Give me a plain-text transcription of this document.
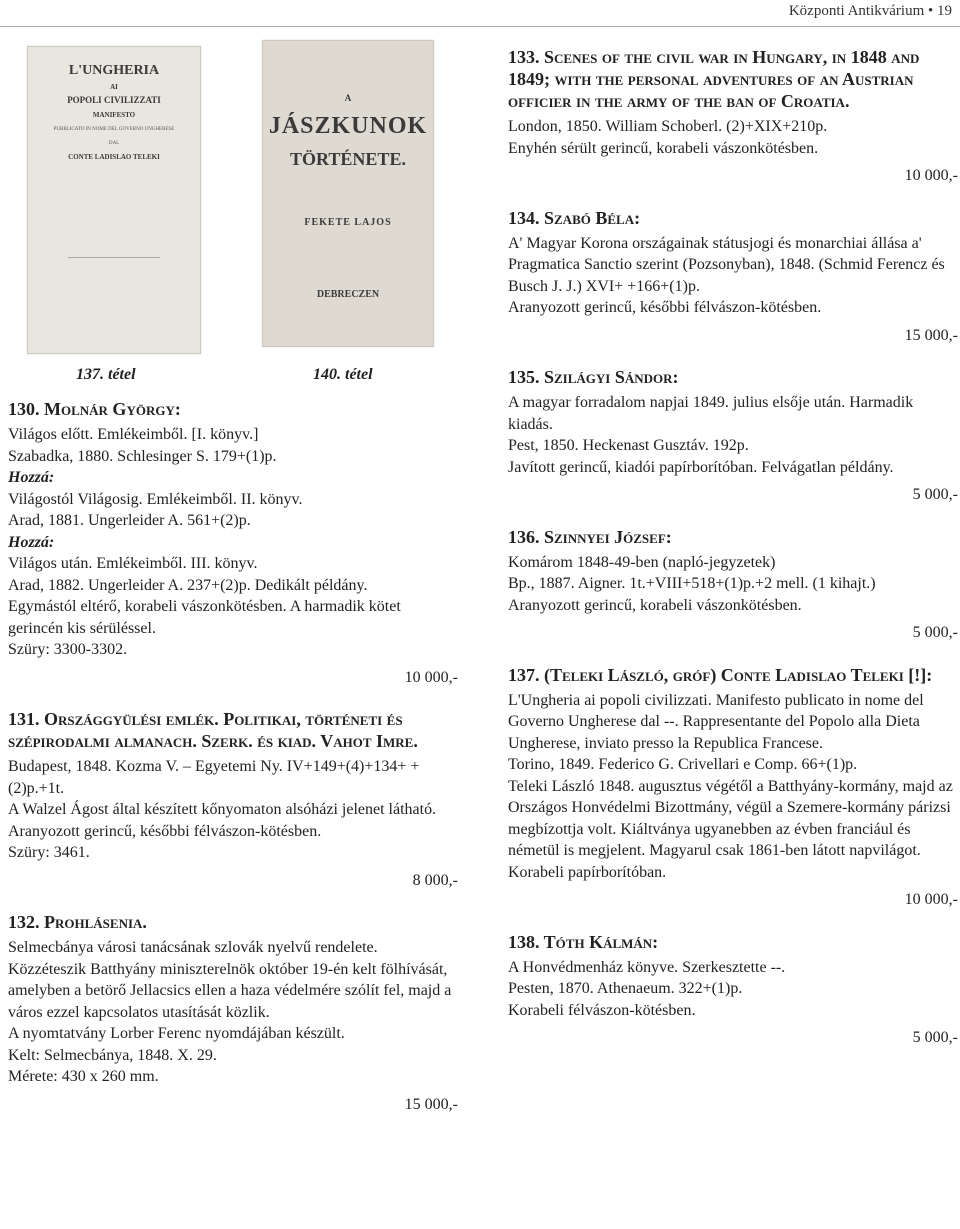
Központi Antikvárium • 19
L'UNGHERIA
AI
POPOLI CIVILIZZATI
MANIFESTO
PUBBLICATO IN NOME DEL GOVERNO UNGHERESE
DAL
CONTE LADISLAO TELEKI
A
JÁSZKUNOK
TÖRTÉNETE.
FEKETE LAJOS
DEBRECZEN
137. tétel	140. tétel
130. Molnár György:
Világos előtt. Emlékeimből. [I. könyv.]
Szabadka, 1880. Schlesinger S. 179+(1)p.
Hozzá:
Világostól Világosig. Emlékeimből. II. könyv.
Arad, 1881. Ungerleider A. 561+(2)p.
Hozzá:
Világos után. Emlékeimből. III. könyv.
Arad, 1882. Ungerleider A. 237+(2)p. Dedikált példány.
Egymástól eltérő, korabeli vászonkötésben. A harmadik kötet gerincén kis sérüléssel.
Szüry: 3300-3302.
10 000,-
131. Országgyülési emlék. Politikai, történeti és szépirodalmi almanach. Szerk. és kiad. Vahot Imre.
Budapest, 1848. Kozma V. – Egyetemi Ny. IV+149+(4)+134+ +(2)p.+1t.
A Walzel Ágost által készített kőnyomaton alsóházi jelenet látható.
Aranyozott gerincű, későbbi félvászon-kötésben.
Szüry: 3461.
8 000,-
132. Prohlásenia.
Selmecbánya városi tanácsának szlovák nyelvű rendelete. Közzéteszik Batthyány miniszterelnök október 19-én kelt fölhívását, amelyben a betörő Jellacsics ellen a haza védelmére szólít fel, majd a város ezzel kapcsolatos utasítását közlik.
A nyomtatvány Lorber Ferenc nyomdájában készült.
Kelt: Selmecbánya, 1848. X. 29.
Mérete: 430 x 260 mm.
15 000,-
133. Scenes of the civil war in Hungary, in 1848 and 1849; with the personal adventures of an Austrian officier in the army of the ban of Croatia.
London, 1850. William Schoberl. (2)+XIX+210p.
Enyhén sérült gerincű, korabeli vászonkötésben.
10 000,-
134. Szabó Béla:
A' Magyar Korona országainak státusjogi és monarchiai állása a' Pragmatica Sanctio szerint (Pozsonyban), 1848. (Schmid Ferencz és Busch J. J.) XVI+ +166+(1)p.
Aranyozott gerincű, későbbi félvászon-kötésben.
15 000,-
135. Szilágyi Sándor:
A magyar forradalom napjai 1849. julius elsője után. Harmadik kiadás.
Pest, 1850. Heckenast Gusztáv. 192p.
Javított gerincű, kiadói papírborítóban. Felvágatlan példány.
5 000,-
136. Szinnyei József:
Komárom 1848-49-ben (napló-jegyzetek)
Bp., 1887. Aigner. 1t.+VIII+518+(1)p.+2 mell. (1 kihajt.)
Aranyozott gerincű, korabeli vászonkötésben.
5 000,-
137. (Teleki László, gróf) Conte Ladislao Teleki [!]:
L'Ungheria ai popoli civilizzati. Manifesto publicato in nome del Governo Ungherese dal --. Rappresentante del Popolo alla Dieta Ungherese, inviato presso la Republica Francese.
Torino, 1849. Federico G. Crivellari e Comp. 66+(1)p.
Teleki László 1848. augusztus végétől a Batthyány-kormány, majd az Országos Honvédelmi Bizottmány, végül a Szemere-kormány párizsi megbízottja volt. Kiáltványa ugyanebben az évben franciául és németül is megjelent. Magyarul csak 1861-ben látott napvilágot.
Korabeli papírborítóban.
10 000,-
138. Tóth Kálmán:
A Honvédmenház könyve. Szerkesztette --.
Pesten, 1870. Athenaeum. 322+(1)p.
Korabeli félvászon-kötésben.
5 000,-
